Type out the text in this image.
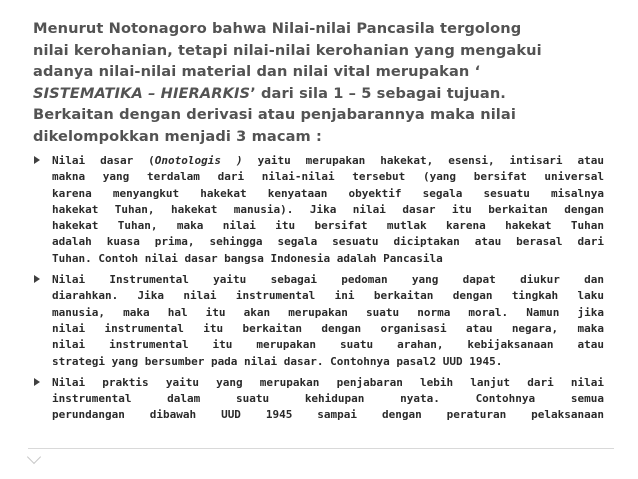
Menurut Notonagoro bahwa Nilai-nilai Pancasila tergolong
nilai kerohanian, tetapi nilai-nilai kerohanian yang mengakui
adanya nilai-nilai material dan nilai vital merupakan ‘
SISTEMATIKA – HIERARKIS’ dari sila 1 – 5 sebagai tujuan.
Berkaitan dengan derivasi atau penjabarannya maka nilai
dikelompokkan menjadi 3 macam :
Nilai dasar (Onotologis ) yaitu merupakan hakekat, esensi, intisari atau
makna yang terdalam dari nilai-nilai tersebut (yang bersifat universal
karena menyangkut hakekat kenyataan obyektif segala sesuatu misalnya
hakekat Tuhan, hakekat manusia). Jika nilai dasar itu berkaitan dengan
hakekat Tuhan, maka nilai itu bersifat mutlak karena hakekat Tuhan
adalah kuasa prima, sehingga segala sesuatu diciptakan atau berasal dari
Tuhan. Contoh nilai dasar bangsa Indonesia adalah Pancasila
Nilai Instrumental yaitu sebagai pedoman yang dapat diukur dan
diarahkan. Jika nilai instrumental ini berkaitan dengan tingkah laku
manusia, maka hal itu akan merupakan suatu norma moral. Namun jika
nilai instrumental itu berkaitan dengan organisasi atau negara, maka
nilai instrumental itu merupakan suatu arahan, kebijaksanaan atau
strategi yang bersumber pada nilai dasar. Contohnya pasal2 UUD 1945.
Nilai praktis yaitu yang merupakan penjabaran lebih lanjut dari nilai
instrumental dalam suatu kehidupan nyata. Contohnya semua
perundangan dibawah UUD 1945 sampai dengan peraturan pelaksanaan
